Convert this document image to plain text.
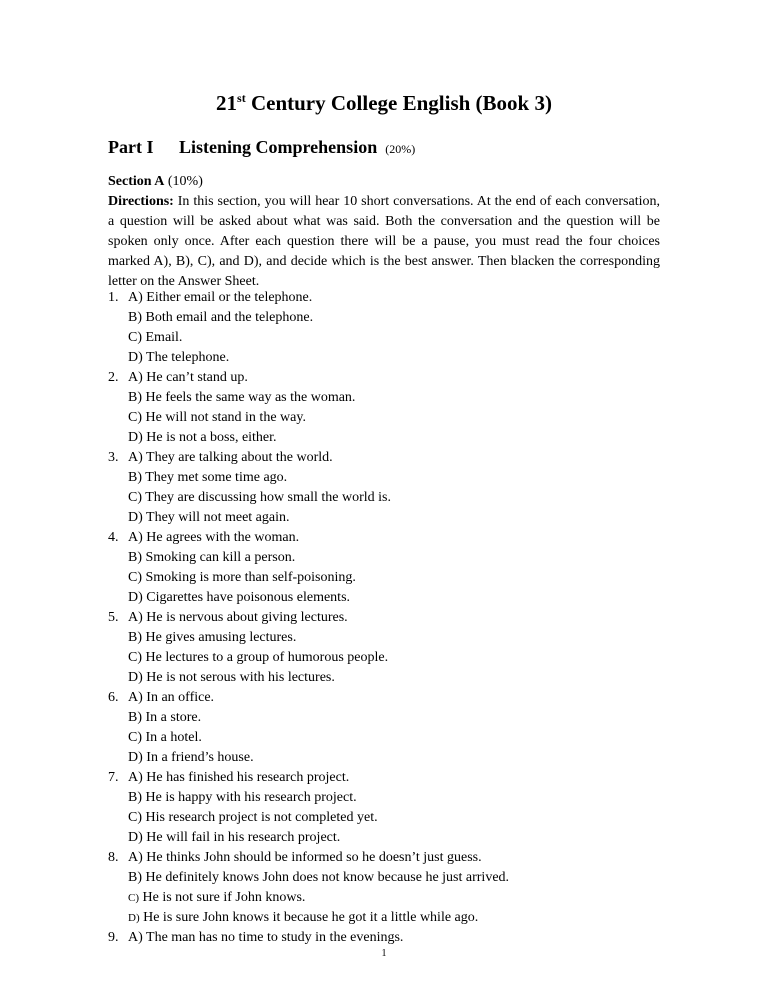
21st Century College English (Book 3)
Part I Listening Comprehension (20%)
Section A (10%)
Directions: In this section, you will hear 10 short conversations. At the end of each conversation, a question will be asked about what was said. Both the conversation and the question will be spoken only once. After each question there will be a pause, you must read the four choices marked A), B), C), and D), and decide which is the best answer. Then blacken the corresponding letter on the Answer Sheet.
1. A) Either email or the telephone.
B) Both email and the telephone.
C) Email.
D) The telephone.
2. A) He can’t stand up.
B) He feels the same way as the woman.
C) He will not stand in the way.
D) He is not a boss, either.
3. A) They are talking about the world.
B) They met some time ago.
C) They are discussing how small the world is.
D) They will not meet again.
4. A) He agrees with the woman.
B) Smoking can kill a person.
C) Smoking is more than self-poisoning.
D) Cigarettes have poisonous elements.
5. A) He is nervous about giving lectures.
B) He gives amusing lectures.
C) He lectures to a group of humorous people.
D) He is not serous with his lectures.
6. A) In an office.
B) In a store.
C) In a hotel.
D) In a friend’s house.
7. A) He has finished his research project.
B) He is happy with his research project.
C) His research project is not completed yet.
D) He will fail in his research project.
8. A) He thinks John should be informed so he doesn’t just guess.
B) He definitely knows John does not know because he just arrived.
C) He is not sure if John knows.
D) He is sure John knows it because he got it a little while ago.
9. A) The man has no time to study in the evenings.
1
